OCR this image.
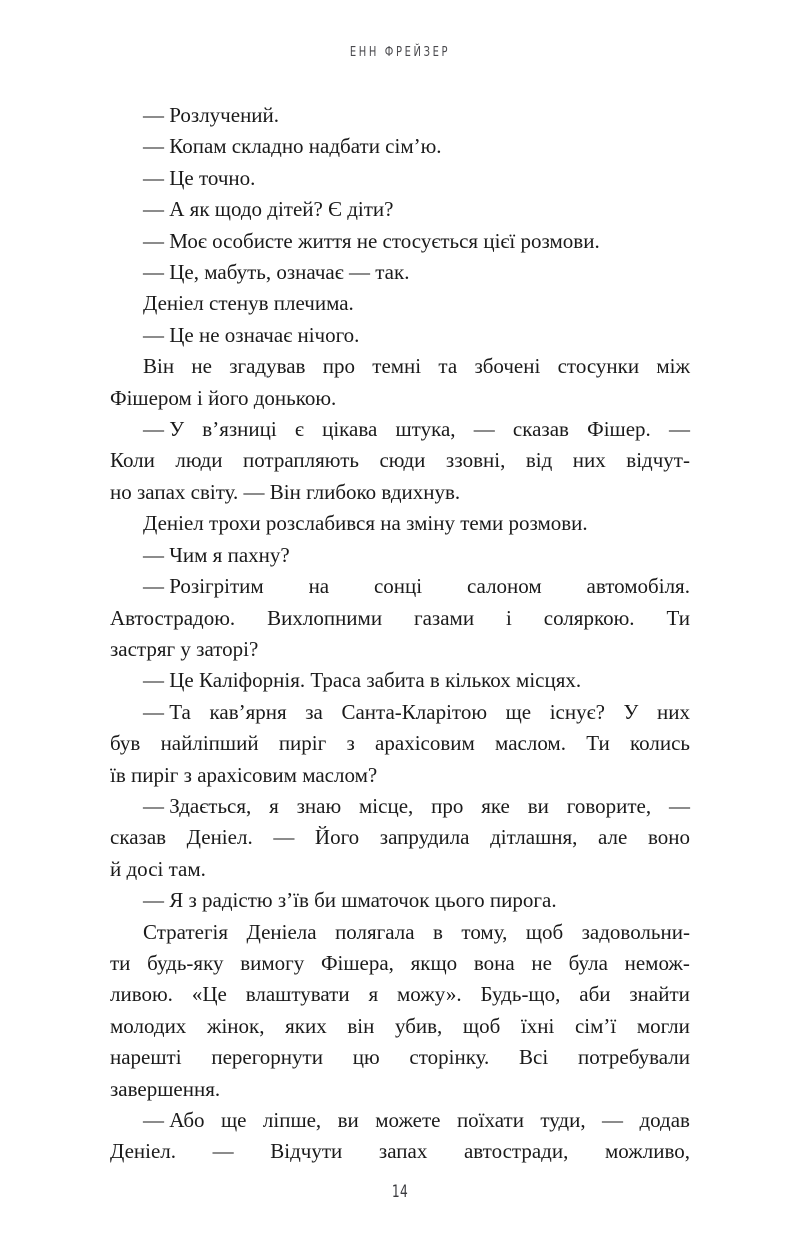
ЕНН ФРЕЙЗЕР
— Розлучений.
— Копам складно надбати сім’ю.
— Це точно.
— А як щодо дітей? Є діти?
— Моє особисте життя не стосується цієї розмови.
— Це, мабуть, означає — так.
Деніел стенув плечима.
— Це не означає нічого.
Він не згадував про темні та збочені стосунки між
Фішером і його донькою.
— У в’язниці є цікава штука, — сказав Фішер. —
Коли люди потрапляють сюди ззовні, від них відчут-
но запах світу. — Він глибоко вдихнув.
Деніел трохи розслабився на зміну теми розмови.
— Чим я пахну?
— Розігрітим на сонці салоном автомобіля.
Автострадою. Вихлопними газами і соляркою. Ти
застряг у заторі?
— Це Каліфорнія. Траса забита в кількох місцях.
— Та кав’ярня за Санта-Кларітою ще існує? У них
був найліпший пиріг з арахісовим маслом. Ти колись
їв пиріг з арахісовим маслом?
— Здається, я знаю місце, про яке ви говорите, —
сказав Деніел. — Його запрудила дітлашня, але воно
й досі там.
— Я з радістю з’їв би шматочок цього пирога.
Стратегія Деніела полягала в тому, щоб задовольни-
ти будь-яку вимогу Фішера, якщо вона не була немож-
ливою. «Це влаштувати я можу». Будь-що, аби знайти
молодих жінок, яких він убив, щоб їхні сім’ї могли
нарешті перегорнути цю сторінку. Всі потребували
завершення.
— Або ще ліпше, ви можете поїхати туди, — додав
Деніел. — Відчути запах автостради, можливо,
14
